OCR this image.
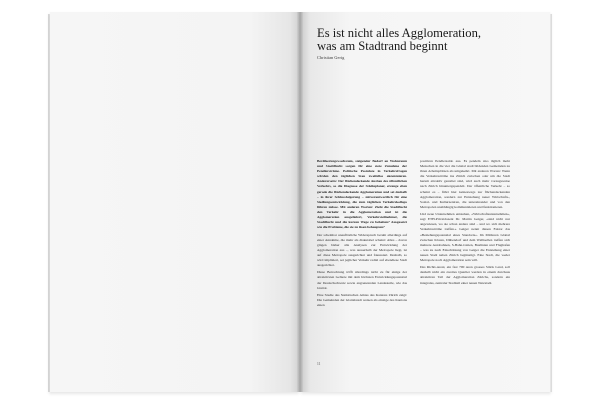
Es ist nicht alles Agglomeration,
was am Stadtrand beginnt
Christian Gerig

Bevölkerungswachstum, steigender Bedarf an Wohnraum und Stadtflucht sorgen für eine stete Zunahme der Pendlerströme. Politische Postulate in Verkehrsfragen würden den täglichen Stau zweifellos akzentuieren. Andererseits: Der flächendeckende Ausbau des öffentlichen Verkehrs, so die Diagnose der Städteplaner, erzeuge eben gerade die flächendeckende Agglomeration und sei deshalb – in ihrer Schlussfolgerung – mitverantwortlich für eine Siedlungsentwicklung, die zum täglichen Verkehrskollaps führen müsse. Mit anderen Worten: Zieht die Stadtflucht den Verkehr in die Agglomeration und ist die Agglomeration ausgeliefert, Verkehrsteilnehmer, die Stadtflucht und die kurzen Wege zu behalten? Ausgesetzt wie die Probleme, die sie zu lösen behaupten?

Der scheinbar unauflösliche Widerspruch beruht allerdings auf einer Annahme, die mehr als diskutabel scheint: Alles – davon gingen bisher alle Analysen zur Entwicklung der Agglomeration aus –, was ausserhalb der Metropole liegt, ist auf diese Metropole ausgerichtet und fokussiert. Deshalb, so wird impliziert, sei jeglicher Verkehr radial auf ebendiese Stadt ausgerichtet.

Diese Betrachtung trifft allerdings nicht zu für einige der attraktivsten Gebiete mit dem höchsten Entwicklungspotenzial der Deutschschweiz sowie angrenzenden Landesteile, wie das Glattal.

Eine Studie des Statistischen Amtes des Kantons Zürich zeigt: Die Gemeinden der Glattalstadt weisen als einzige des Kantons einen

positiven Pendlersaldo aus. Es pendeln also täglich mehr Menschen in die vier die Glattal stadt bildenden Gemeinden zu ihren Arbeitsplätzen als umgekehrt. Mit anderen Worten: Wenn die Verkehrsströme ins Zürich zwischen oder um die Stadt herum attraktiv gestaltet sind, wird auch mehr vorzugsweise nach Zürich hinuntergependelt. Der öffentliche Verkehr – so scheint es – führt hier keineswegs zur flächendeckenden Agglomeration, sondern zur Entstehung neuer Wirtschafts-, Sozial- und Kulturzentren, die untereinander und von den Metropolen unabhängig kommunizieren und funktionieren.

Und neue Unternehmen entstehen, «Wirtschaftsunternehmen», sagt ETH-Privatdozent Dr. Martin Geiger, «sind nicht nur angewiesen, wo sie schon andere sind – und wo sich mehrere Verkehrsströme treffen.» Geiger nennt diesen Faktor das «Beziehungspotenzial eines Standorts». Im Mittleren Glattal zwischen Kloten, Dübendorf und dem Wallisellen treffen sich mehrere Autobahnen, S-Bahn-Linien, Buslinien und Flughafen – was zu nach Einschätzung von Geiger die Entstehung einer neuen Stadt neben Zürich begünstigt. Eine Stadt, die weder Metropole noch Agglomeration sein will.

Das Richti-Areal, ein fast 700 Aren grosses Stück Land, soll deshalb nicht ein zweites Quartier werden in einem durchaus attraktiven Teil der Agglomeration Zürichs, sondern ein integrales, zentraler Stadtteil einer neuen Netzstadt.

11
